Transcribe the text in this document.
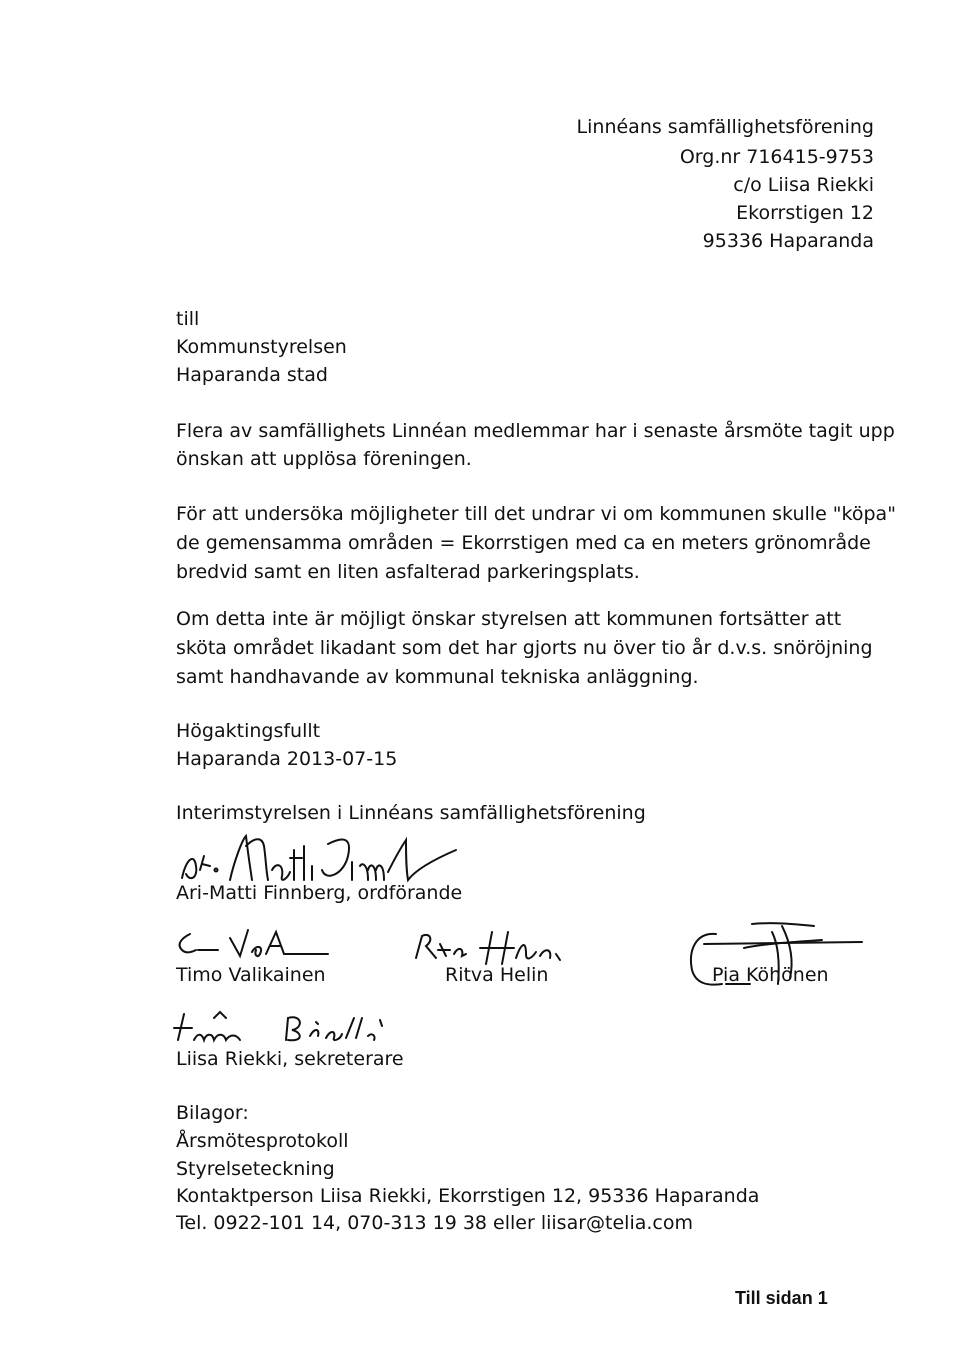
Linnéans samfällighetsförening
Org.nr 716415-9753
c/o Liisa Riekki
Ekorrstigen 12
95336 Haparanda
till
Kommunstyrelsen
Haparanda stad
Flera av samfällighets Linnéan medlemmar har i senaste årsmöte tagit upp
önskan att upplösa föreningen.
För att undersöka möjligheter till det undrar vi om kommunen skulle "köpa"
de gemensamma områden = Ekorrstigen med ca en meters grönområde
bredvid samt en liten asfalterad parkeringsplats.
Om detta inte är möjligt önskar styrelsen att kommunen fortsätter att
sköta området likadant som det har gjorts nu över tio år d.v.s. snöröjning
samt handhavande av kommunal tekniska anläggning.
Högaktingsfullt
Haparanda 2013-07-15
Interimstyrelsen i Linnéans samfällighetsförening
Ari-Matti Finnberg, ordförande
Timo Valikainen	Ritva Helin	Pia Köhönen
Liisa Riekki, sekreterare
Bilagor:
Årsmötesprotokoll
Styrelseteckning
Kontaktperson Liisa Riekki, Ekorrstigen 12, 95336 Haparanda
Tel. 0922-101 14, 070-313 19 38 eller liisar@telia.com
Till sidan 1
